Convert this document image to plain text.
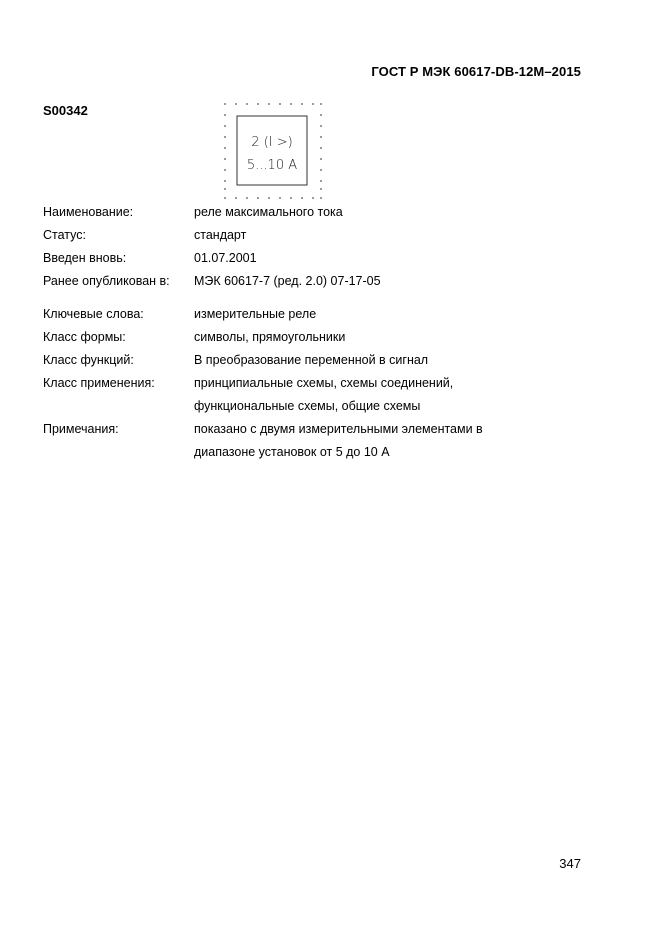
ГОСТ Р МЭК 60617-DB-12M–2015
S00342
2 (I >)
5...10 A
Наименование:	реле максимального тока
Статус:	стандарт
Введен вновь:	01.07.2001
Ранее опубликован в: МЭК 60617-7 (ред. 2.0) 07-17-05
Ключевые слова:	измерительные реле
Класс формы:	символы, прямоугольники
Класс функций:	В преобразование переменной в сигнал
Класс применения:	принципиальные схемы, схемы соединений,
функциональные схемы, общие схемы
Примечания:	показано с двумя измерительными элементами в
диапазоне установок от 5 до 10 А
347
